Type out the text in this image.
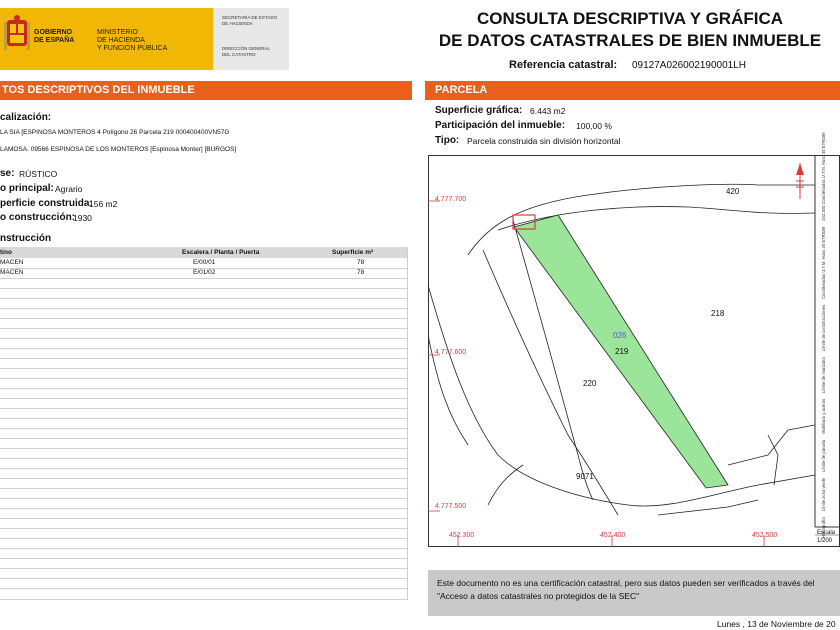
GOBIERNO
DE ESPAÑA
MINISTERIO
DE HACIENDA
Y FUNCIÓN PÚBLICA
SECRETARÍA DE ESTADO
DE HACIENDA
DIRECCIÓN GENERAL
DEL CATASTRO
CONSULTA DESCRIPTIVA Y GRÁFICA
DE DATOS CATASTRALES DE BIEN INMUEBLE
Referencia catastral: 09127A026002190001LH
TOS DESCRIPTIVOS DEL INMUEBLE	PARCELA
calización:
LA SIA [ESPINOSA MONTEROS 4 Polígono 26 Parcela 219 000400400VN57G
LAMOSA. 09566 ESPINOSA DE LOS MONTEROS [Espinosa Monter] [BURGOS]
se: RÚSTICO
o principal: Agrario
perficie construida:
156 m2
o construcción:
1930
nstrucción
tino	Escalera / Planta / Puerta	Superficie m²
MACEN	E/00/01	78
MACEN	E/01/02	78
Superficie gráfica: 6.443 m2
Participación del inmueble: 100,00 %
Tipo: Parcela construida sin división horizontal
4.777.700
4.777.600
4.777.500
452.300	452.400	452.500
420
218
026
219
220
9071
Hidrografía
Límite zona verde
Límite de parcela
Mobiliario y aceras
Límite de manzana
Límite de construcciones
Coordenadas U.T.M. Huso 30 ETRS89
452.300 Coordenadas U.T.M. Huso 30 ETRS89
Escala
1/200
Este documento no es una certificación catastral, pero sus datos pueden ser verificados a través del "Acceso a datos catastrales no protegidos de la SEC"
Lunes , 13 de Noviembre de 20
